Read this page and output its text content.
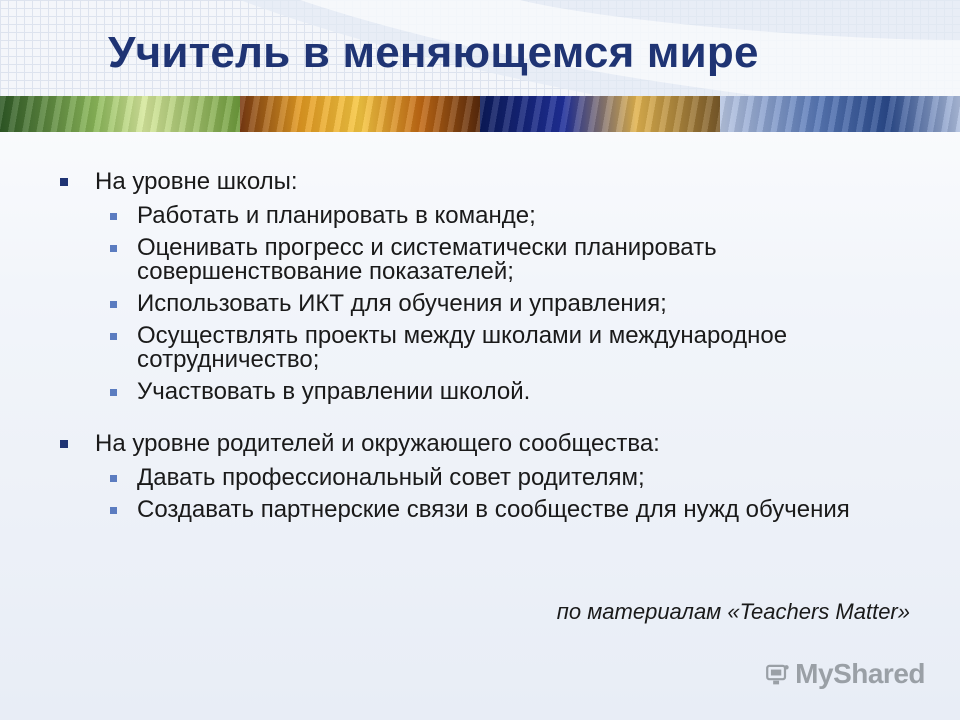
Учитель в меняющемся мире
На уровне школы:
Работать и планировать в команде;
Оценивать прогресс и систематически планировать совершенствование показателей;
Использовать ИКТ для обучения и управления;
Осуществлять проекты между школами и международное сотрудничество;
Участвовать в управлении школой.
На уровне родителей и окружающего сообщества:
Давать профессиональный совет родителям;
Создавать партнерские связи в сообществе для нужд обучения
по материалам «Teachers Matter»
MyShared
